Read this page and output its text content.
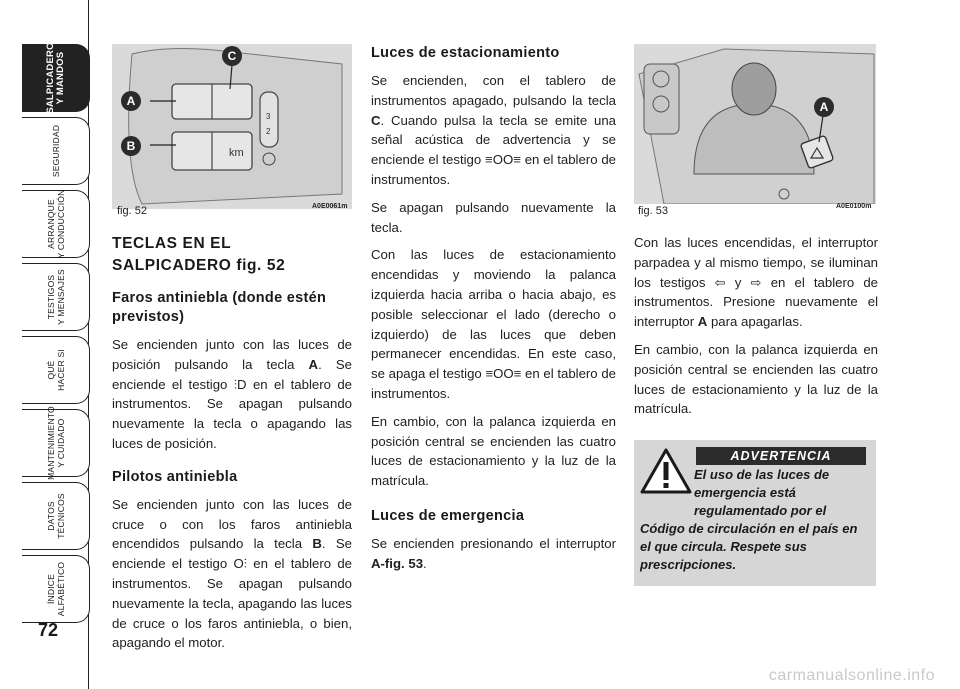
SALPICADERO
Y MANDOS
SEGURIDAD
ARRANQUE
Y CONDUCCIÓN
TESTIGOS
Y MENSAJES
QUÉ
HACER SI
MANTENIMIENTO
Y CUIDADO
DATOS
TÉCNICOS
ÍNDICE
ALFABÉTICO
72
km
3
2
A
B
C
fig. 52	A0E0061m
A
fig. 53	A0E0100m

TECLAS EN EL SALPICADERO fig. 52

Faros antiniebla (donde estén previstos)

Se encienden junto con las luces de posición pulsando la tecla A. Se enciende el testigo ⫶D en el tablero de instrumentos. Se apagan pulsando nuevamente la tecla o apagando las luces de posición.

Pilotos antiniebla

Se encienden junto con las luces de cruce o con los faros antiniebla encendidos pulsando la tecla B. Se enciende el testigo O⫶ en el tablero de instrumentos. Se apagan pulsando nuevamente la tecla, apagando las luces de cruce o los faros antiniebla, o bien, apagando el motor.

Luces de estacionamiento

Se encienden, con el tablero de instrumentos apagado, pulsando la tecla C. Cuando pulsa la tecla se emite una señal acústica de advertencia y se enciende el testigo ≡OO≡ en el tablero de instrumentos.

Se apagan pulsando nuevamente la tecla.

Con las luces de estacionamiento encendidas y moviendo la palanca izquierda hacia arriba o hacia abajo, es posible seleccionar el lado (derecho o izquierdo) de las luces que deben permanecer encendidas. En este caso, se apaga el testigo ≡OO≡ en el tablero de instrumentos.

En cambio, con la palanca izquierda en posición central se encienden las cuatro luces de estacionamiento y la luz de la matrícula.

Luces de emergencia

Se encienden presionando el interruptor A-fig. 53.

Con las luces encendidas, el interruptor parpadea y al mismo tiempo, se iluminan los testigos ⇦ y ⇨ en el tablero de instrumentos. Presione nuevamente el interruptor A para apagarlas.

En cambio, con la palanca izquierda en posición central se encienden las cuatro luces de estacionamiento y la luz de la matrícula.

ADVERTENCIA
El uso de las luces de emergencia está regulamentado por el Código de circulación en el país en el que circula. Respete sus prescripciones.
carmanualsonline.info
